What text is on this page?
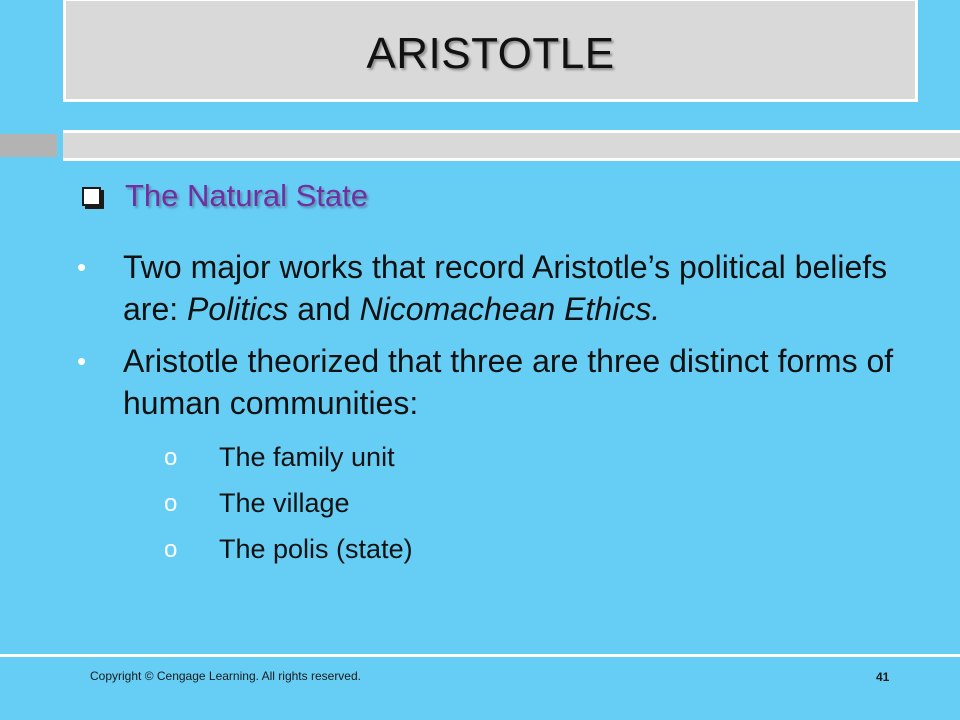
ARISTOTLE
The Natural State
• Two major works that record Aristotle’s political beliefs are: Politics and Nicomachean Ethics.
• Aristotle theorized that three are three distinct forms of human communities:
o The family unit
o The village
o The polis (state)
Copyright © Cengage Learning. All rights reserved.	41
